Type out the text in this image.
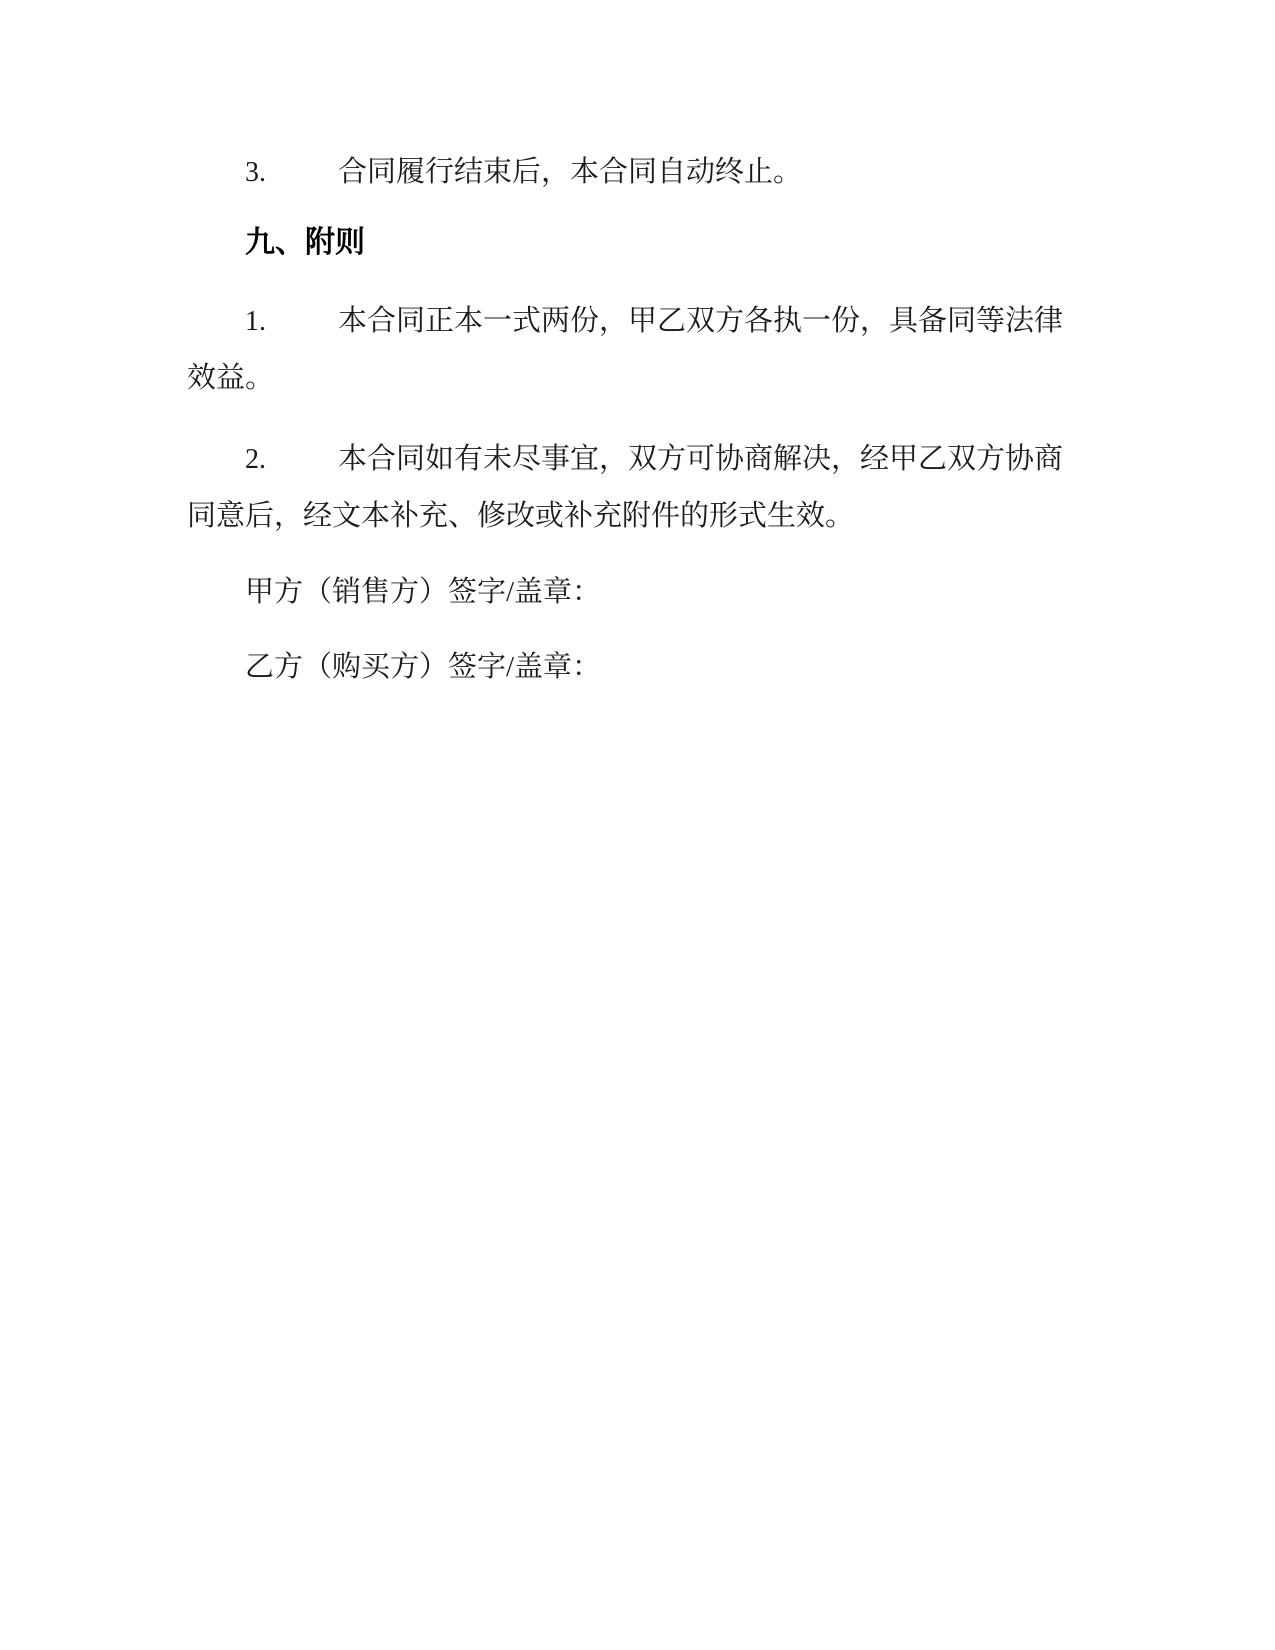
3. 合同履行结束后，本合同自动终止。

九、附则

1. 本合同正本一式两份，甲乙双方各执一份，具备同等法律效益。

2. 本合同如有未尽事宜，双方可协商解决，经甲乙双方协商同意后，经文本补充、修改或补充附件的形式生效。

甲方（销售方）签字/盖章：

乙方（购买方）签字/盖章：
